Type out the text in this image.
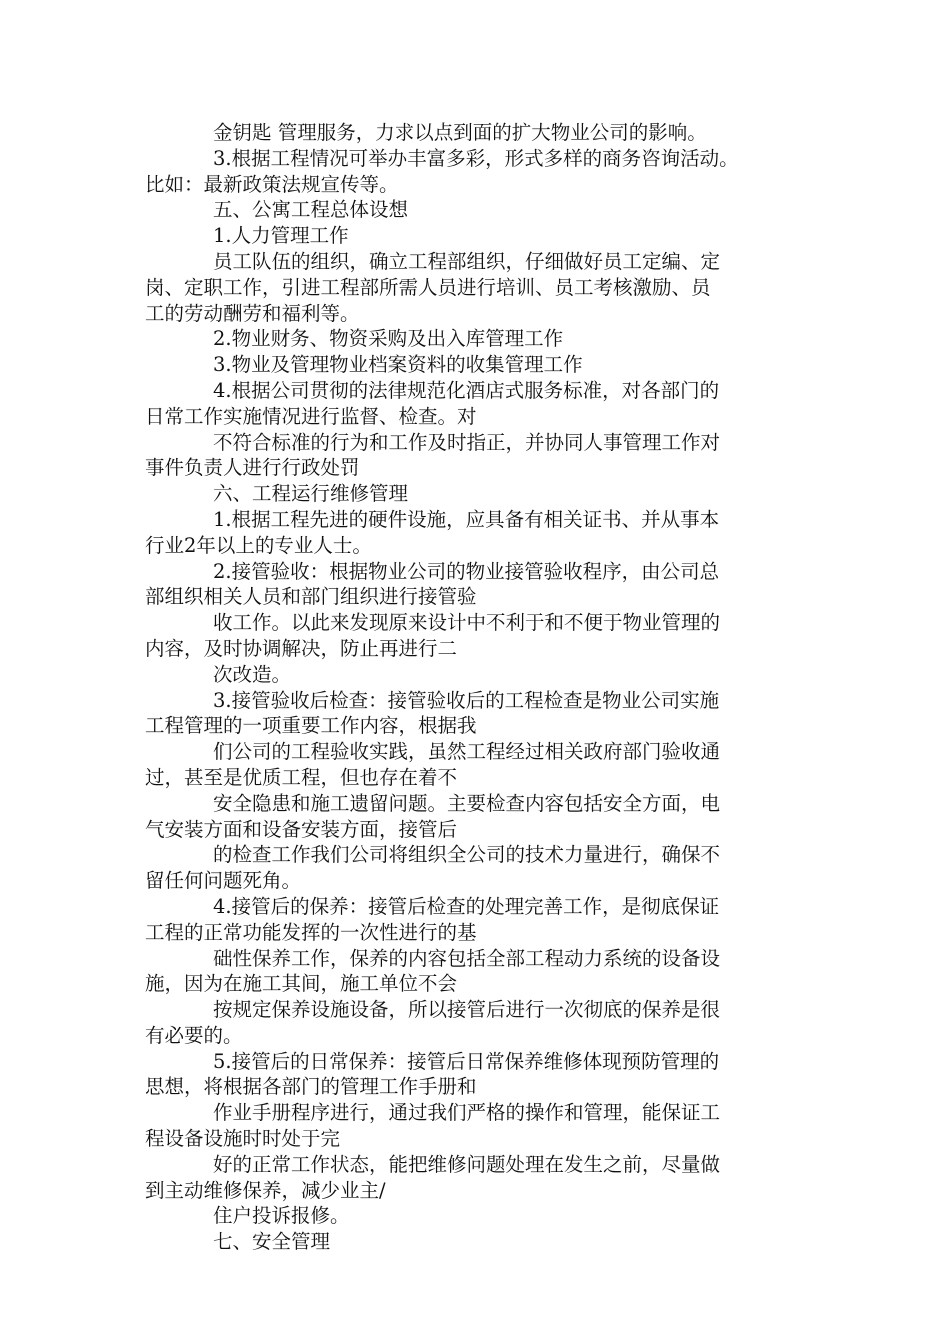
金钥匙 管理服务，力求以点到面的扩大物业公司的影响。
3.根据工程情况可举办丰富多彩，形式多样的商务咨询活动。
比如：最新政策法规宣传等。
五、公寓工程总体设想
1.人力管理工作
员工队伍的组织，确立工程部组织，仔细做好员工定编、定
岗、定职工作，引进工程部所需人员进行培训、员工考核激励、员
工的劳动酬劳和福利等。
2.物业财务、物资采购及出入库管理工作
3.物业及管理物业档案资料的收集管理工作
4.根据公司贯彻的法律规范化酒店式服务标准，对各部门的
日常工作实施情况进行监督、检查。对
不符合标准的行为和工作及时指正，并协同人事管理工作对
事件负责人进行行政处罚
六、工程运行维修管理
1.根据工程先进的硬件设施，应具备有相关证书、并从事本
行业2年以上的专业人士。
2.接管验收：根据物业公司的物业接管验收程序，由公司总
部组织相关人员和部门组织进行接管验
收工作。以此来发现原来设计中不利于和不便于物业管理的
内容，及时协调解决，防止再进行二
次改造。
3.接管验收后检查：接管验收后的工程检查是物业公司实施
工程管理的一项重要工作内容，根据我
们公司的工程验收实践，虽然工程经过相关政府部门验收通
过，甚至是优质工程，但也存在着不
安全隐患和施工遗留问题。主要检查内容包括安全方面，电
气安装方面和设备安装方面，接管后
的检查工作我们公司将组织全公司的技术力量进行，确保不
留任何问题死角。
4.接管后的保养：接管后检查的处理完善工作，是彻底保证
工程的正常功能发挥的一次性进行的基
础性保养工作，保养的内容包括全部工程动力系统的设备设
施，因为在施工其间，施工单位不会
按规定保养设施设备，所以接管后进行一次彻底的保养是很
有必要的。
5.接管后的日常保养：接管后日常保养维修体现预防管理的
思想，将根据各部门的管理工作手册和
作业手册程序进行，通过我们严格的操作和管理，能保证工
程设备设施时时处于完
好的正常工作状态，能把维修问题处理在发生之前，尽量做
到主动维修保养，减少业主/
住户投诉报修。
七、安全管理
